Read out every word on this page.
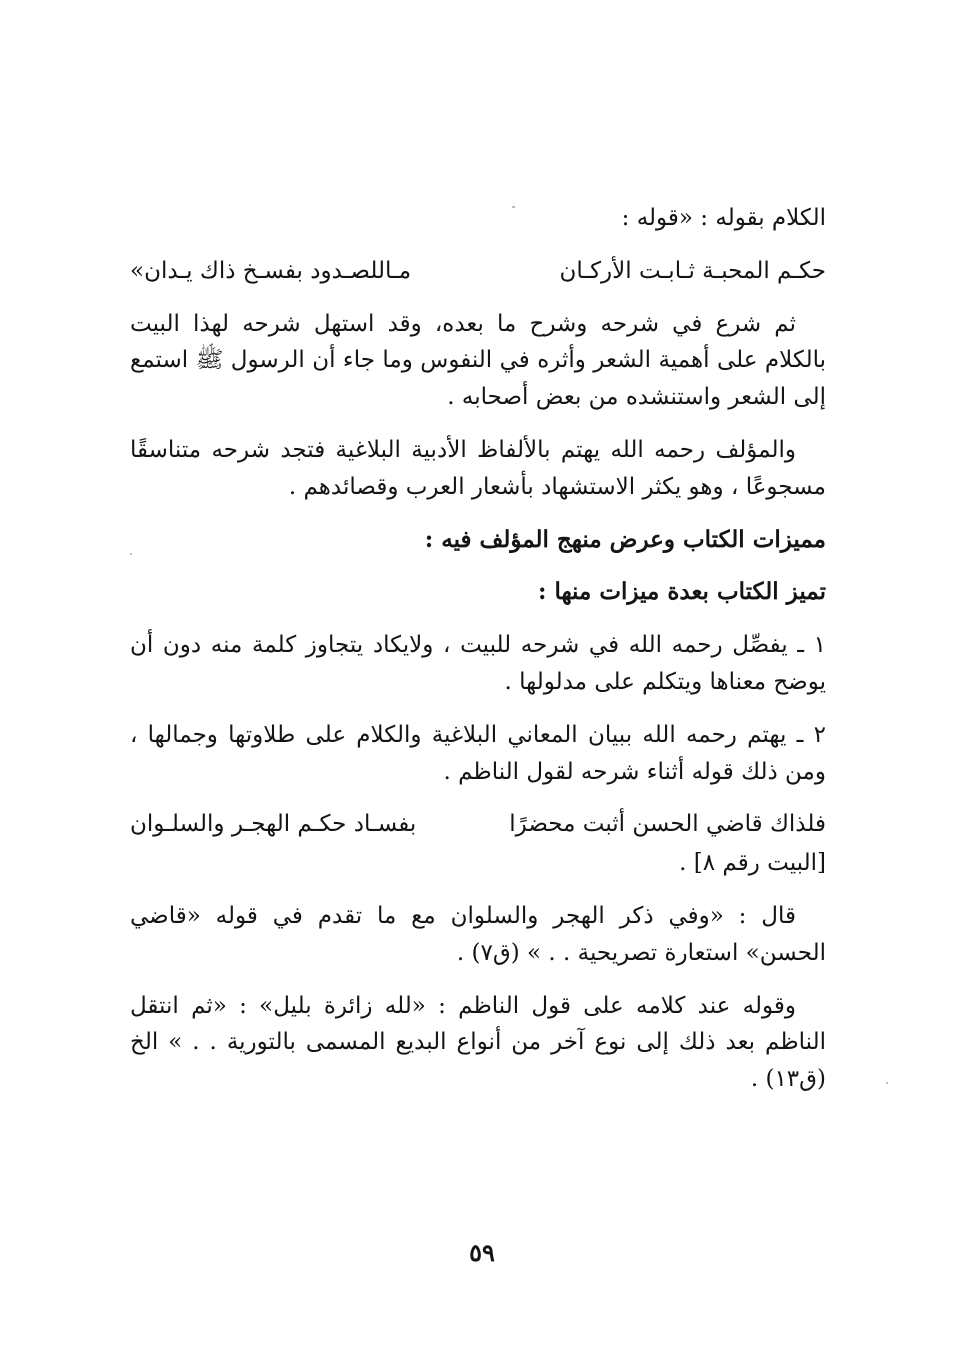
الكلام بقوله : «قوله :

حكـم المحبـة ثـابـت الأركـان
مـاللصـدود بفسـخ ذاك يـدان»

ثم شرع في شرحه وشرح ما بعده، وقد استهل شرحه لهذا البيت بالكلام على أهمية الشعر وأثره في النفوس وما جاء أن الرسول ﷺ استمع إلى الشعر واستنشده من بعض أصحابه .

والمؤلف رحمه الله يهتم بالألفاظ الأدبية البلاغية فتجد شرحه متناسقًا مسجوعًا ، وهو يكثر الاستشهاد بأشعار العرب وقصائدهم .

مميزات الكتاب وعرض منهج المؤلف فيه :

تميز الكتاب بعدة ميزات منها :

١ ـ يفصِّل رحمه الله في شرحه للبيت ، ولايكاد يتجاوز كلمة منه دون أن يوضح معناها ويتكلم على مدلولها .

٢ ـ يهتم رحمه الله ببيان المعاني البلاغية والكلام على طلاوتها وجمالها ، ومن ذلك قوله أثناء شرحه لقول الناظم .

فلذاك قاضي الحسن أثبت محضرًا
بفسـاد حكـم الهجـر والسلـوان

[البيت رقم ٨] .

قال : «وفي ذكر الهجر والسلوان مع ما تقدم في قوله «قاضي الحسن» استعارة تصريحية . . » (ق٧) .

وقوله عند كلامه على قول الناظم : «لله زائرة بليل» : «ثم انتقل الناظم بعد ذلك إلى نوع آخر من أنواع البديع المسمى بالتورية . . » الخ (ق١٣) .

٥٩
